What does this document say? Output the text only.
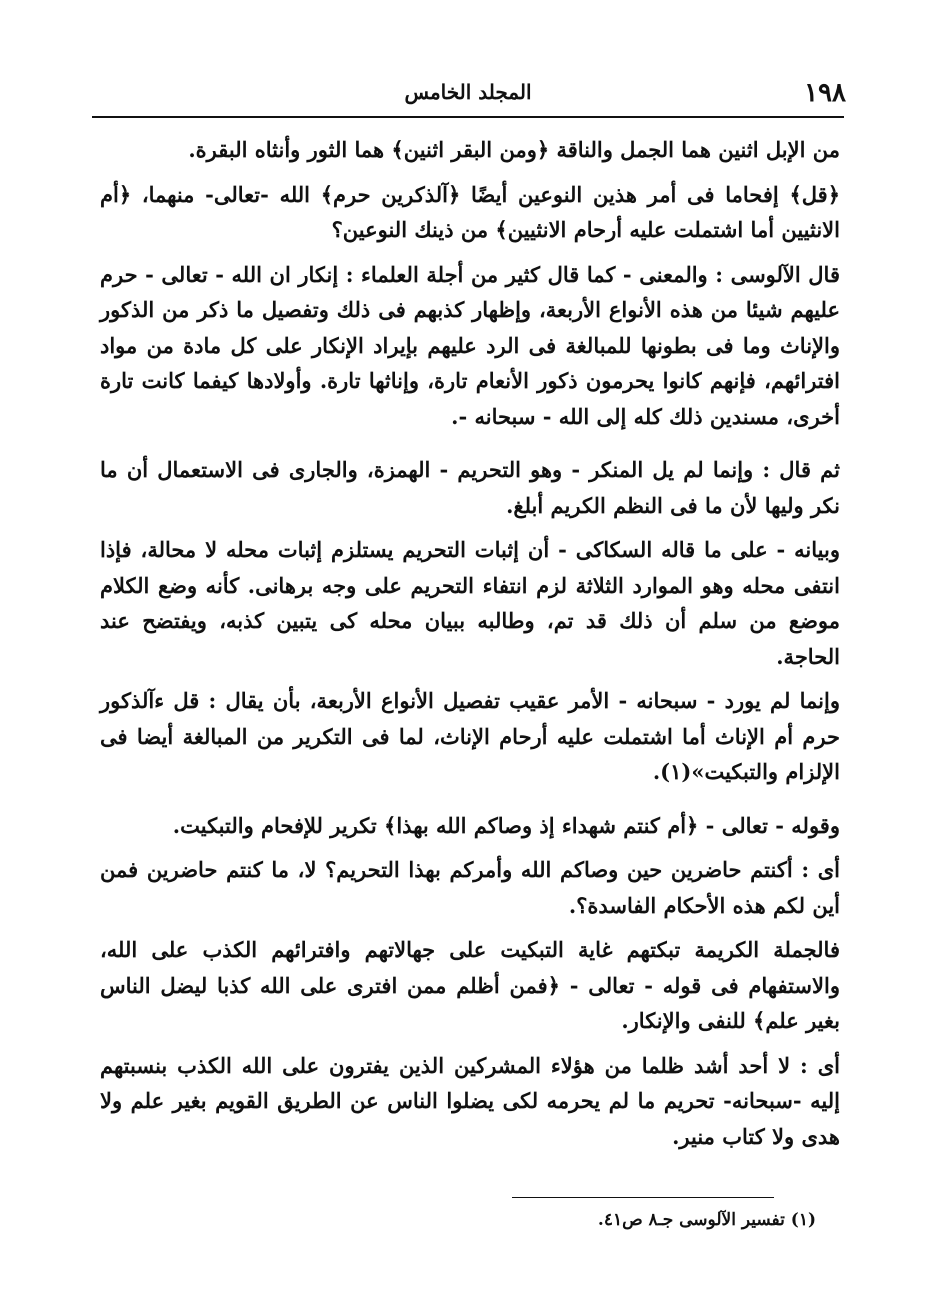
١٩٨
المجلد الخامس

من الإبل اثنين هما الجمل والناقة ﴿ومن البقر اثنين﴾ هما الثور وأنثاه البقرة.

﴿قل﴾ إفحاما فى أمر هذين النوعين أيضًا ﴿آلذكرين حرم﴾ الله -تعالى- منهما، ﴿أم الانثيين أما اشتملت عليه أرحام الانثيين﴾ من ذينك النوعين؟

قال الآلوسى : والمعنى - كما قال كثير من أجلة العلماء : إنكار ان الله - تعالى - حرم عليهم شيئا من هذه الأنواع الأربعة، وإظهار كذبهم فى ذلك وتفصيل ما ذكر من الذكور والإناث وما فى بطونها للمبالغة فى الرد عليهم بإيراد الإنكار على كل مادة من مواد افترائهم، فإنهم كانوا يحرمون ذكور الأنعام تارة، وإناثها تارة. وأولادها كيفما كانت تارة أخرى، مسندين ذلك كله إلى الله - سبحانه -.

ثم قال : وإنما لم يل المنكر - وهو التحريم - الهمزة، والجارى فى الاستعمال أن ما نكر وليها لأن ما فى النظم الكريم أبلغ.

وبيانه - على ما قاله السكاكى - أن إثبات التحريم يستلزم إثبات محله لا محالة، فإذا انتفى محله وهو الموارد الثلاثة لزم انتفاء التحريم على وجه برهانى. كأنه وضع الكلام موضع من سلم أن ذلك قد تم، وطالبه ببيان محله كى يتبين كذبه، ويفتضح عند الحاجة.

وإنما لم يورد - سبحانه - الأمر عقيب تفصيل الأنواع الأربعة، بأن يقال : قل ءآلذكور حرم أم الإناث أما اشتملت عليه أرحام الإناث، لما فى التكرير من المبالغة أيضا فى الإلزام والتبكيت»(١).

وقوله - تعالى - ﴿أم كنتم شهداء إذ وصاكم الله بهذا﴾ تكرير للإفحام والتبكيت.

أى : أكنتم حاضرين حين وصاكم الله وأمركم بهذا التحريم؟ لا، ما كنتم حاضرين فمن أين لكم هذه الأحكام الفاسدة؟.

فالجملة الكريمة تبكتهم غاية التبكيت على جهالاتهم وافترائهم الكذب على الله، والاستفهام فى قوله - تعالى - ﴿فمن أظلم ممن افترى على الله كذبا ليضل الناس بغير علم﴾ للنفى والإنكار.

أى : لا أحد أشد ظلما من هؤلاء المشركين الذين يفترون على الله الكذب بنسبتهم إليه -سبحانه- تحريم ما لم يحرمه لكى يضلوا الناس عن الطريق القويم بغير علم ولا هدى ولا كتاب منير.

(١) تفسير الآلوسى جـ٨ ص٤١.
